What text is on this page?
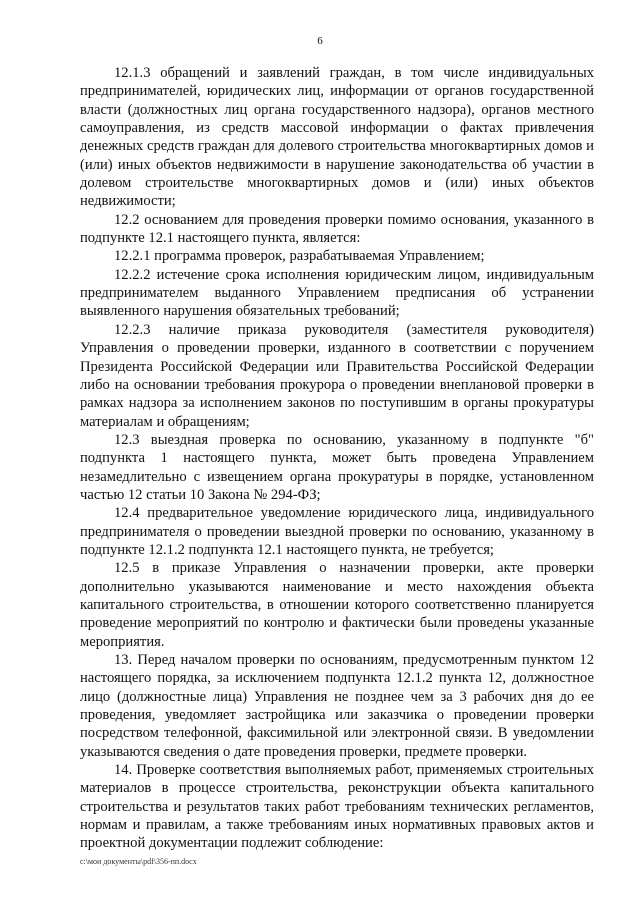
6

12.1.3 обращений и заявлений граждан, в том числе индивидуальных предпринимателей, юридических лиц, информации от органов государственной власти (должностных лиц органа государственного надзора), органов местного самоуправления, из средств массовой информации о фактах привлечения денежных средств граждан для долевого строительства многоквартирных домов и (или) иных объектов недвижимости в нарушение законодательства об участии в долевом строительстве многоквартирных домов и (или) иных объектов недвижимости;

12.2 основанием для проведения проверки помимо основания, указанного в подпункте 12.1 настоящего пункта, является:

12.2.1 программа проверок, разрабатываемая Управлением;

12.2.2 истечение срока исполнения юридическим лицом, индивидуальным предпринимателем выданного Управлением предписания об устранении выявленного нарушения обязательных требований;

12.2.3 наличие приказа руководителя (заместителя руководителя) Управления о проведении проверки, изданного в соответствии с поручением Президента Российской Федерации или Правительства Российской Федерации либо на основании требования прокурора о проведении внеплановой проверки в рамках надзора за исполнением законов по поступившим в органы прокуратуры материалам и обращениям;

12.3 выездная проверка по основанию, указанному в подпункте "б" подпункта 1 настоящего пункта, может быть проведена Управлением незамедлительно с извещением органа прокуратуры в порядке, установленном частью 12 статьи 10 Закона № 294-ФЗ;

12.4 предварительное уведомление юридического лица, индивидуального предпринимателя о проведении выездной проверки по основанию, указанному в подпункте 12.1.2 подпункта 12.1 настоящего пункта, не требуется;

12.5 в приказе Управления о назначении проверки, акте проверки дополнительно указываются наименование и место нахождения объекта капитального строительства, в отношении которого соответственно планируется проведение мероприятий по контролю и фактически были проведены указанные мероприятия.

13. Перед началом проверки по основаниям, предусмотренным пунктом 12 настоящего порядка, за исключением подпункта 12.1.2 пункта 12, должностное лицо (должностные лица) Управления не позднее чем за 3 рабочих дня до ее проведения, уведомляет застройщика или заказчика о проведении проверки посредством телефонной, факсимильной или электронной связи. В уведомлении указываются сведения о дате проведения проверки, предмете проверки.

14. Проверке соответствия выполняемых работ, применяемых строительных материалов в процессе строительства, реконструкции объекта капитального строительства и результатов таких работ требованиям технических регламентов, нормам и правилам, а также требованиям иных нормативных правовых актов и проектной документации подлежит соблюдение:

c:\мои документы\pdf\356-пп.docx
